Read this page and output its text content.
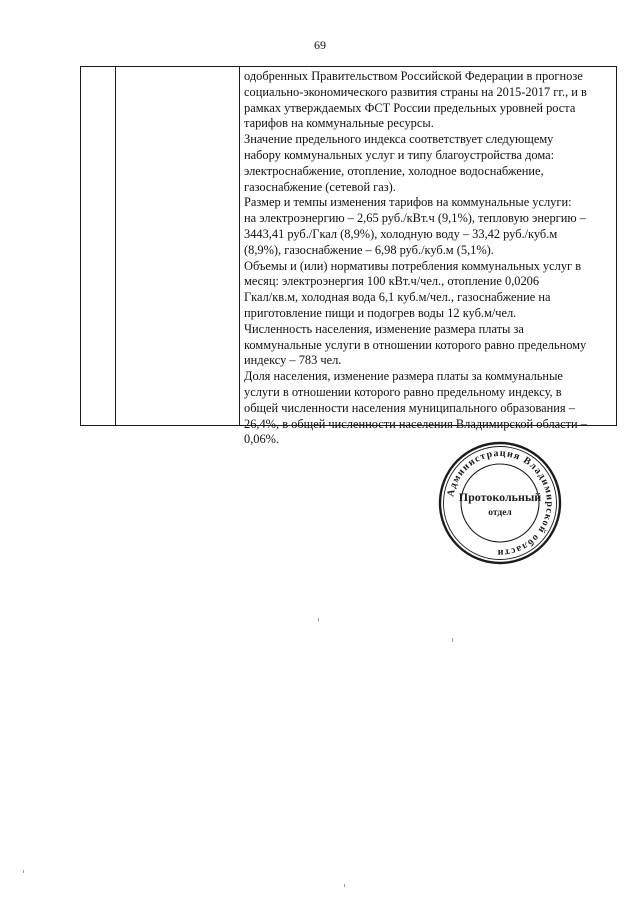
69
одобренных Правительством Российской Федерации в прогнозе
социально-экономического развития страны на 2015-2017 гг., и в
рамках утверждаемых ФСТ России предельных уровней роста
тарифов на коммунальные ресурсы.
Значение предельного индекса соответствует следующему
набору коммунальных услуг и типу благоустройства дома:
электроснабжение, отопление, холодное водоснабжение,
газоснабжение (сетевой газ).
Размер и темпы изменения тарифов на коммунальные услуги:
на электроэнергию – 2,65 руб./кВт.ч (9,1%), тепловую энергию –
3443,41 руб./Гкал (8,9%), холодную воду – 33,42 руб./куб.м
(8,9%), газоснабжение – 6,98 руб./куб.м (5,1%).
Объемы и (или) нормативы потребления коммунальных услуг в
месяц: электроэнергия 100 кВт.ч/чел., отопление 0,0206
Гкал/кв.м, холодная вода 6,1 куб.м/чел., газоснабжение на
приготовление пищи и подогрев воды 12 куб.м/чел.
Численность населения, изменение размера платы за
коммунальные услуги в отношении которого равно предельному
индексу – 783 чел.
Доля населения, изменение размера платы за коммунальные
услуги в отношении которого равно предельному индексу, в
общей численности населения муниципального образования –
26,4%, в общей численности населения Владимирской области –
0,06%.
Администрация Владимирской области
Протокольный
отдел
